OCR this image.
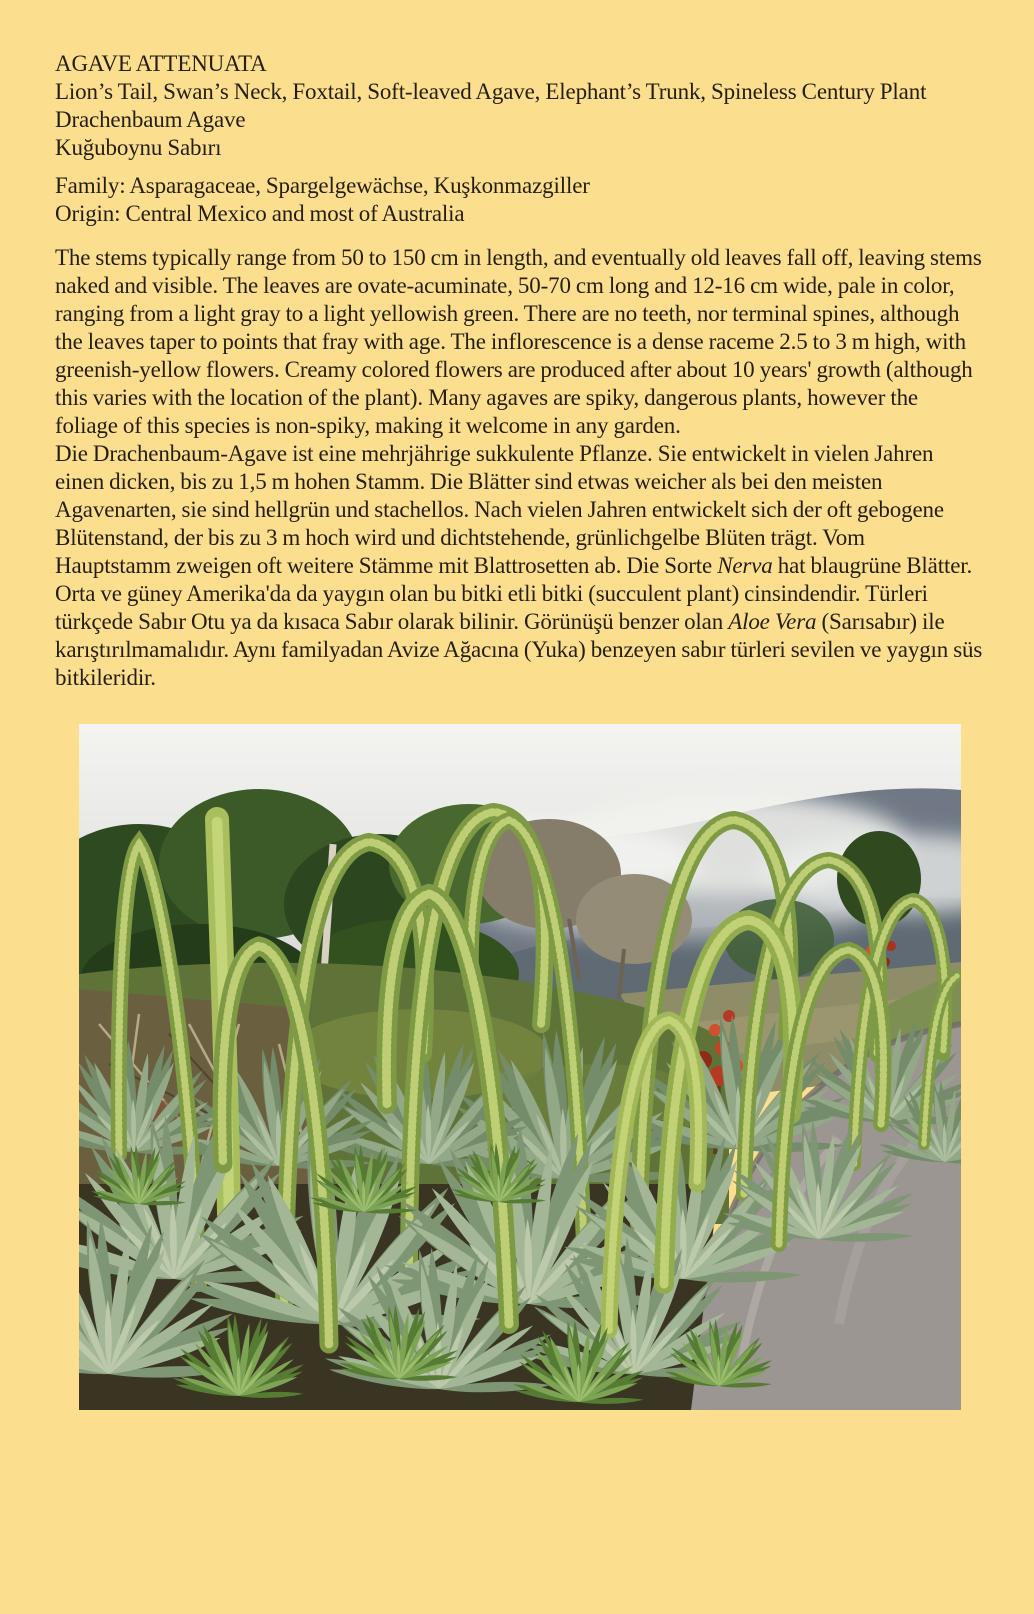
AGAVE ATTENUATA

Lion’s Tail, Swan’s Neck, Foxtail, Soft-leaved Agave, Elephant’s Trunk, Spineless Century Plant

Drachenbaum Agave

Kuğuboynu Sabırı

Family: Asparagaceae, Spargelgewächse, Kuşkonmazgiller

Origin: Central Mexico and most of Australia

The stems typically range from 50 to 150 cm in length, and eventually old leaves fall off, leaving stems naked and visible. The leaves are ovate-acuminate, 50-70 cm long and 12-16 cm wide, pale in color, ranging from a light gray to a light yellowish green. There are no teeth, nor terminal spines, although the leaves taper to points that fray with age. The inflorescence is a dense raceme 2.5 to 3 m high, with greenish-yellow flowers. Creamy colored flowers are produced after about 10 years' growth (although this varies with the location of the plant). Many agaves are spiky, dangerous plants, however the foliage of this species is non-spiky, making it welcome in any garden.

Die Drachenbaum-Agave ist eine mehrjährige sukkulente Pflanze. Sie entwickelt in vielen Jahren einen dicken, bis zu 1,5 m hohen Stamm. Die Blätter sind etwas weicher als bei den meisten Agavenarten, sie sind hellgrün und stachellos. Nach vielen Jahren entwickelt sich der oft gebogene Blütenstand, der bis zu 3 m hoch wird und dichtstehende, grünlichgelbe Blüten trägt. Vom Hauptstamm zweigen oft weitere Stämme mit Blattrosetten ab. Die Sorte Nerva hat blaugrüne Blätter.

Orta ve güney Amerika'da da yaygın olan bu bitki etli bitki (succulent plant) cinsindendir. Türleri türkçede Sabır Otu ya da kısaca Sabır olarak bilinir. Görünüşü benzer olan Aloe Vera (Sarısabır) ile karıştırılmamalıdır. Aynı familyadan Avize Ağacına (Yuka) benzeyen sabır türleri sevilen ve yaygın süs bitkileridir.
